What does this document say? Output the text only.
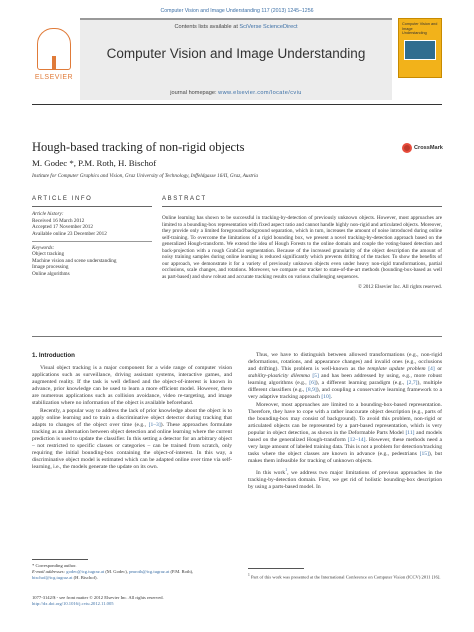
Computer Vision and Image Understanding 117 (2013) 1245–1256
ELSEVIER
Contents lists available at SciVerse ScienceDirect
Computer Vision and Image Understanding
journal homepage: www.elsevier.com/locate/cviu
Computer Vision and Image Understanding
Hough-based tracking of non-rigid objects	CrossMark
M. Godec *, P.M. Roth, H. Bischof
Institute for Computer Graphics and Vision, Graz University of Technology, Inffeldgasse 16/II, Graz, Austria
ARTICLE INFO
Article history:
Received 16 March 2012
Accepted 17 November 2012
Available online 23 December 2012
Keywords:
Object tracking
Machine vision and scene understanding
Image processing
Online algorithms
ABSTRACT
Online learning has shown to be successful in tracking-by-detection of previously unknown objects. However, most approaches are limited to a bounding-box representation with fixed aspect ratio and cannot handle highly non-rigid and articulated objects. Moreover, they provide only a limited foreground/background separation, which in turn, increases the amount of noise introduced during online self-training. To overcome the limitations of a rigid bounding box, we present a novel tracking-by-detection approach based on the generalized Hough-transform. We extend the idea of Hough Forests to the online domain and couple the voting-based detection and back-projection with a rough GrabCut segmentation. Because of the increased granularity of the object description the amount of noisy training samples during online learning is reduced significantly which prevents drifting of the tracker. To show the benefits of our approach, we demonstrate it for a variety of previously unknown objects even under heavy non-rigid transformations, partial occlusions, scale changes, and rotations. Moreover, we compare our tracker to state-of-the-art methods (bounding-box-based as well as part-based) and show robust and accurate tracking results on various challenging sequences.
© 2012 Elsevier Inc. All rights reserved.
1. Introduction

Visual object tracking is a major component for a wide range of computer vision applications such as surveillance, driving assistant systems, interactive games, and augmented reality. If the task is well defined and the object-of-interest is known in advance, prior knowledge can be used to learn a more efficient model. However, there are numerous applications such as collision avoidance, video re-targeting, and image stabilization where no information of the object is available beforehand.

Recently, a popular way to address the lack of prior knowledge about the object is to apply online learning and to train a discriminative object detector during tracking that adapts to changes of the object over time (e.g., [1–3]). These approaches formulate tracking as an alternation between object detection and online learning where the current prediction is used to update the classifier. In this setting a detector for an arbitrary object – not restricted to specific classes or categories – can be trained from scratch, only requiring the initial bounding-box containing the object-of-interest. In this way, a discriminative object model is estimated which can be adapted online over time via self-learning, i.e., the models generate the update on its own.

Thus, we have to distinguish between allowed transformations (e.g., non-rigid deformations, rotations, and appearance changes) and invalid ones (e.g., occlusions and drifting). This problem is well-known as the template update problem [4] or stability-plasticity dilemma [5] and has been addressed by using, e.g., more robust learning algorithms (e.g., [6]), a different learning paradigm (e.g., [2,7]), multiple different classifiers (e.g., [8,9]), and coupling a conservative learning framework to a very adaptive tracking approach [10].

Moreover, most approaches are limited to a bounding-box-based representation. Therefore, they have to cope with a rather inaccurate object description (e.g., parts of the bounding-box may consist of background). To avoid this problem, non-rigid or articulated objects can be represented by a part-based representation, which is very popular in object detection, as shown in the Deformable Parts Model [11] and models based on the generalized Hough-transform [12–14]. However, these methods need a very large amount of labeled training data. This is not a problem for detection/tracking tasks where the object classes are known in advance (e.g., pedestrians [15]), but makes them infeasible for tracking of unknown objects.

In this work$^1$, we address two major limitations of previous approaches in the tracking-by-detection domain. First, we get rid of holistic bounding-box description by using a parts-based model. In

* Corresponding author.
E-mail addresses: godec@icg.tugraz.at (M. Godec), pmroth@icg.tugraz.at (P.M. Roth), bischof@icg.tugraz.at (H. Bischof).	$^1$ Part of this work was presented at the International Conference on Computer Vision (ICCV) 2011 [16].
1077-3142/$ - see front matter © 2012 Elsevier Inc. All rights reserved.
http://dx.doi.org/10.1016/j.cviu.2012.11.005
